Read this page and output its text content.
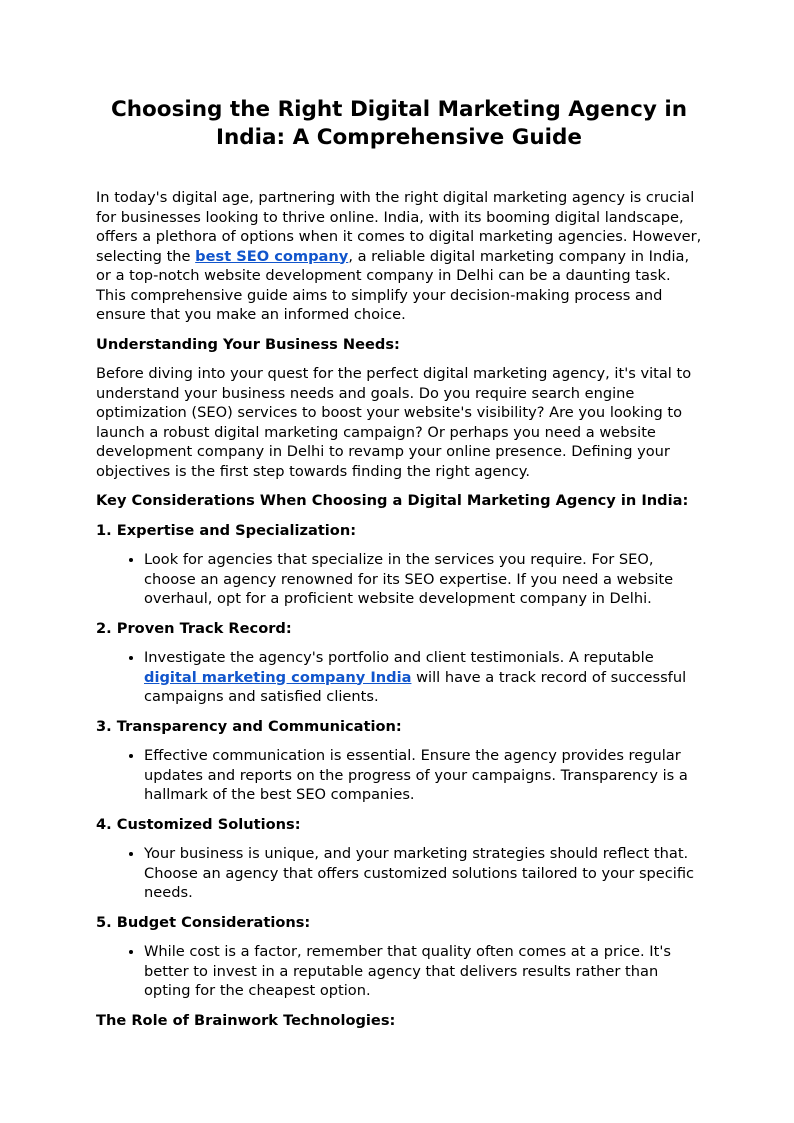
Choosing the Right Digital Marketing Agency in India: A Comprehensive Guide

In today's digital age, partnering with the right digital marketing agency is crucial for businesses looking to thrive online. India, with its booming digital landscape, offers a plethora of options when it comes to digital marketing agencies. However, selecting the best SEO company, a reliable digital marketing company in India, or a top-notch website development company in Delhi can be a daunting task. This comprehensive guide aims to simplify your decision-making process and ensure that you make an informed choice.

Understanding Your Business Needs:

Before diving into your quest for the perfect digital marketing agency, it's vital to understand your business needs and goals. Do you require search engine optimization (SEO) services to boost your website's visibility? Are you looking to launch a robust digital marketing campaign? Or perhaps you need a website development company in Delhi to revamp your online presence. Defining your objectives is the first step towards finding the right agency.

Key Considerations When Choosing a Digital Marketing Agency in India:
1. Expertise and Specialization:
• Look for agencies that specialize in the services you require. For SEO, choose an agency renowned for its SEO expertise. If you need a website overhaul, opt for a proficient website development company in Delhi.
2. Proven Track Record:
• Investigate the agency's portfolio and client testimonials. A reputable digital marketing company India will have a track record of successful campaigns and satisfied clients.
3. Transparency and Communication:
• Effective communication is essential. Ensure the agency provides regular updates and reports on the progress of your campaigns. Transparency is a hallmark of the best SEO companies.
4. Customized Solutions:
• Your business is unique, and your marketing strategies should reflect that. Choose an agency that offers customized solutions tailored to your specific needs.
5. Budget Considerations:
• While cost is a factor, remember that quality often comes at a price. It's better to invest in a reputable agency that delivers results rather than opting for the cheapest option.
The Role of Brainwork Technologies:
